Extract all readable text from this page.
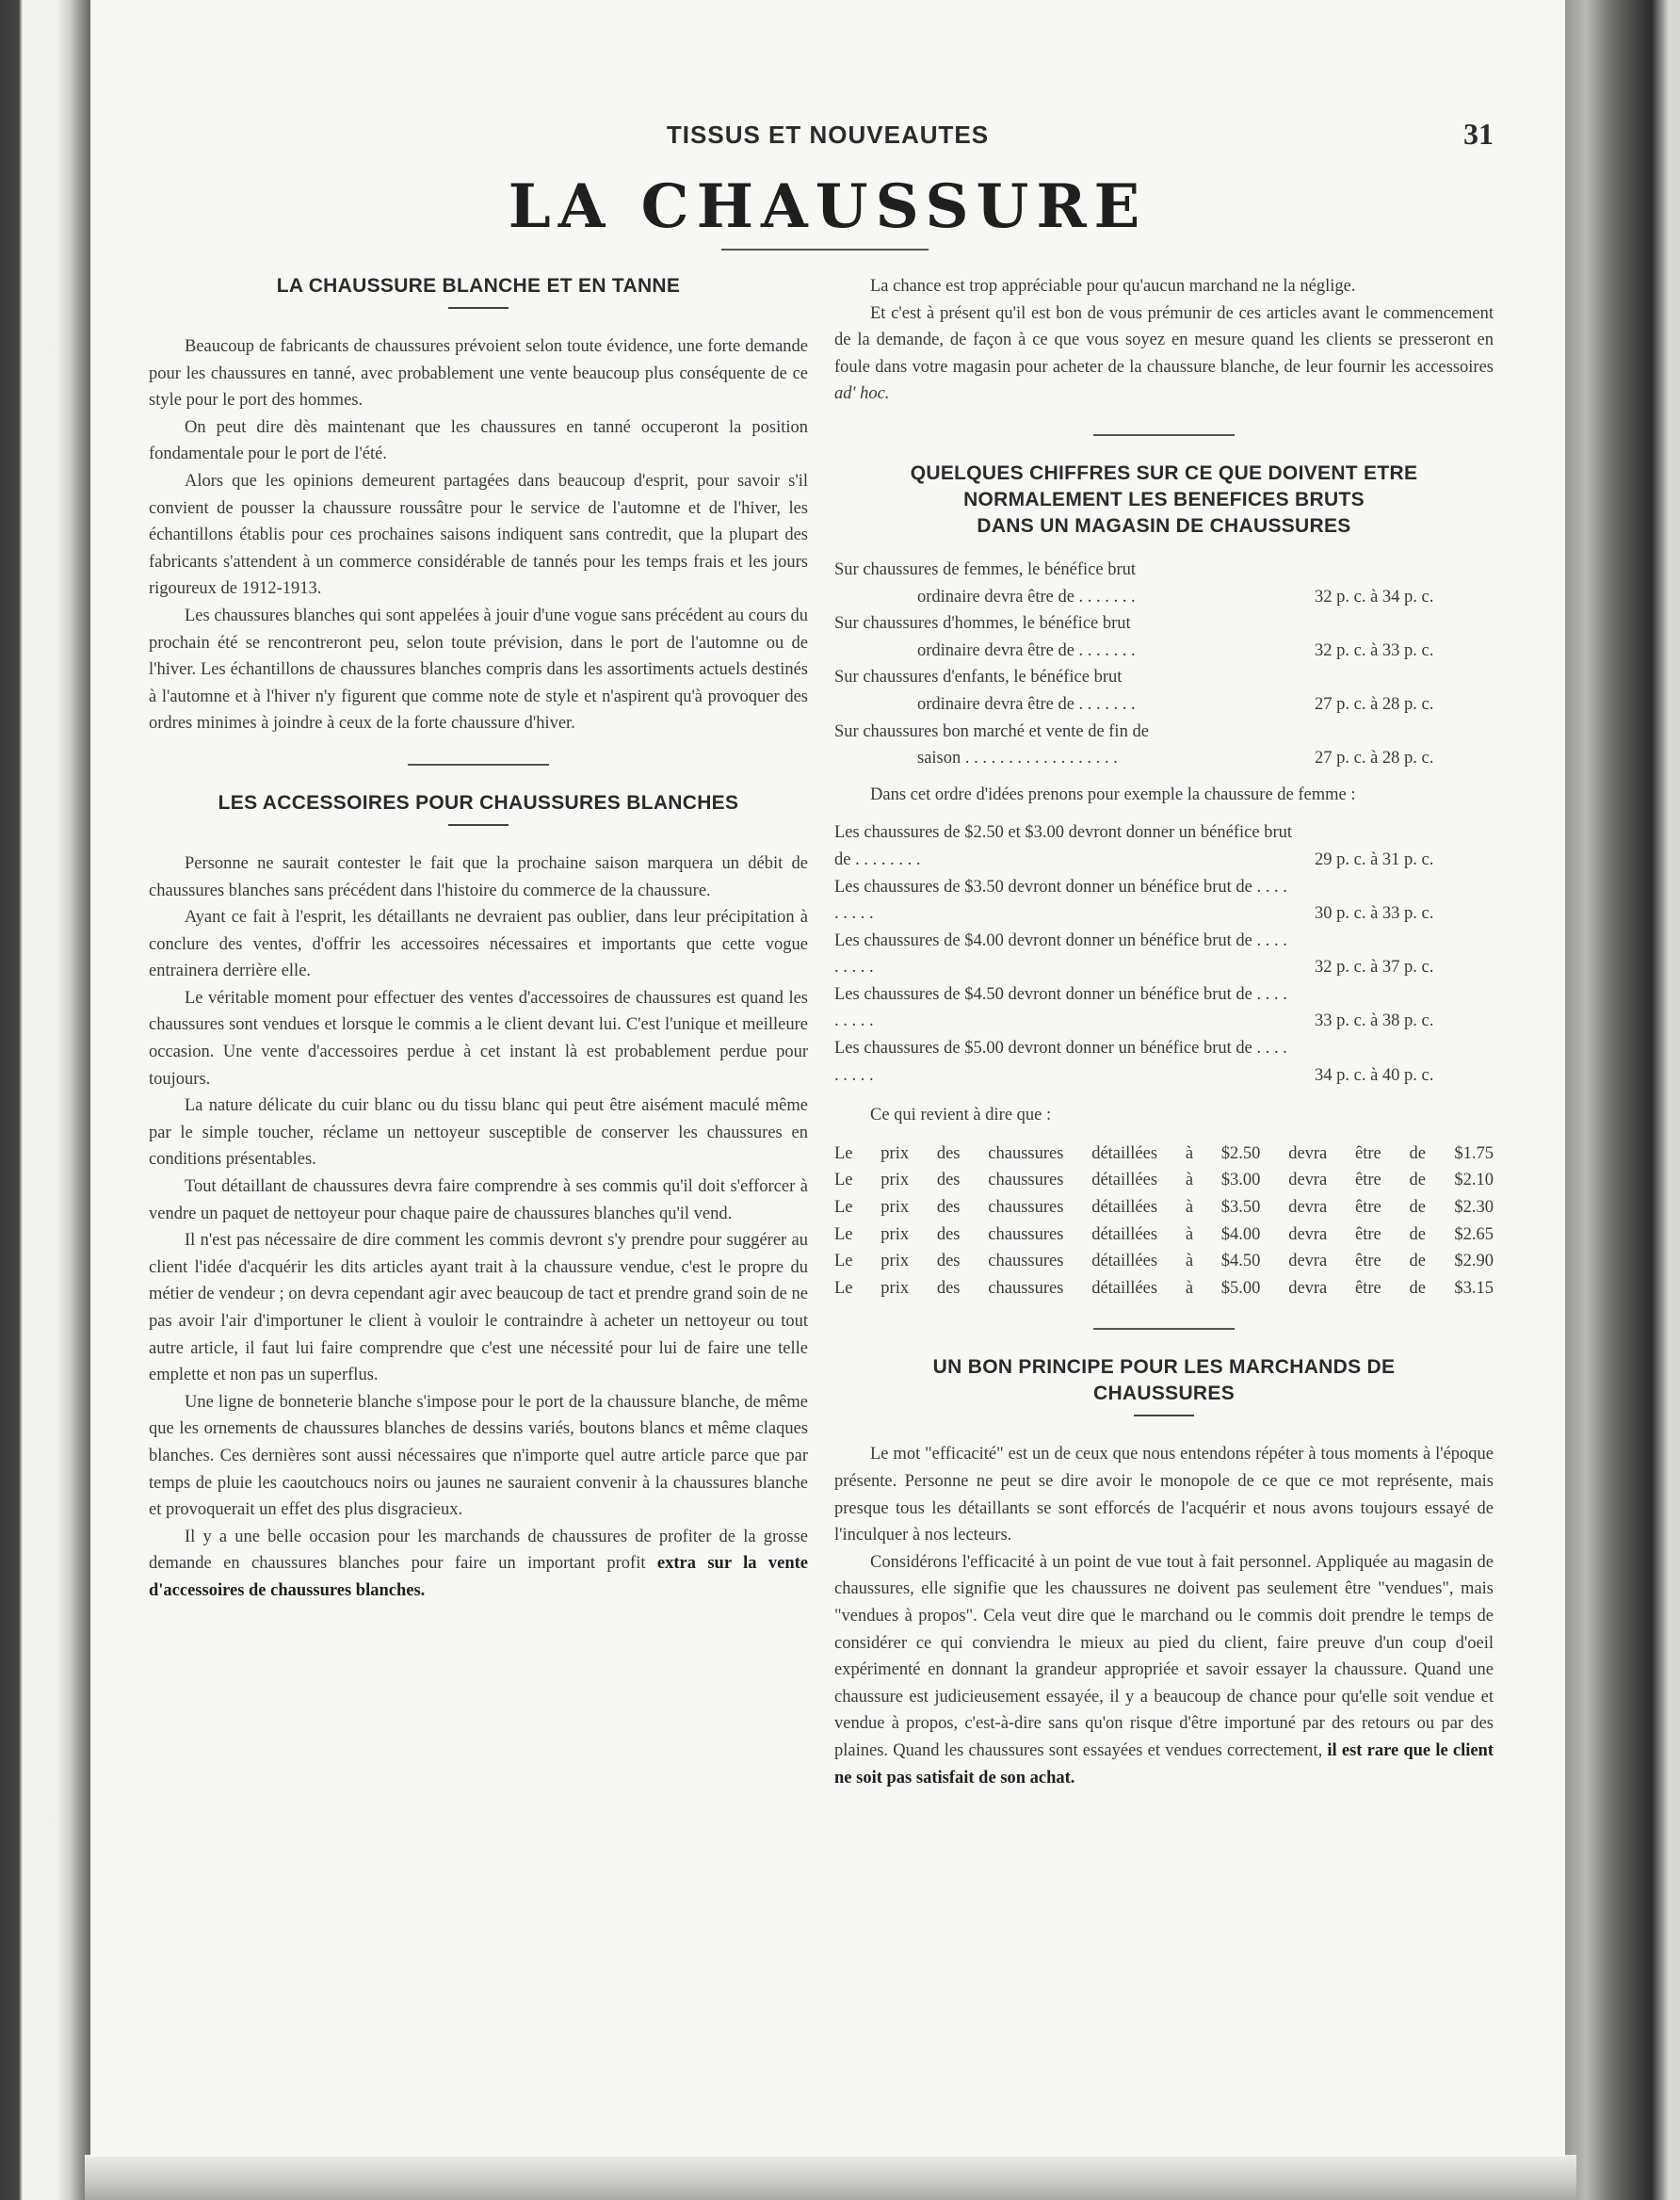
TISSUS ET NOUVEAUTES	31
LA CHAUSSURE
LA CHAUSSURE BLANCHE ET EN TANNE

Beaucoup de fabricants de chaussures prévoient selon toute évidence, une forte demande pour les chaussures en tanné, avec probablement une vente beaucoup plus conséquente de ce style pour le port des hommes.

On peut dire dès maintenant que les chaussures en tanné occuperont la position fondamentale pour le port de l'été.

Alors que les opinions demeurent partagées dans beaucoup d'esprit, pour savoir s'il convient de pousser la chaussure roussâtre pour le service de l'automne et de l'hiver, les échantillons établis pour ces prochaines saisons indiquent sans contredit, que la plupart des fabricants s'attendent à un commerce considérable de tannés pour les temps frais et les jours rigoureux de 1912-1913.

Les chaussures blanches qui sont appelées à jouir d'une vogue sans précédent au cours du prochain été se rencontreront peu, selon toute prévision, dans le port de l'automne ou de l'hiver. Les échantillons de chaussures blanches compris dans les assortiments actuels destinés à l'automne et à l'hiver n'y figurent que comme note de style et n'aspirent qu'à provoquer des ordres minimes à joindre à ceux de la forte chaussure d'hiver.

LES ACCESSOIRES POUR CHAUSSURES BLANCHES

Personne ne saurait contester le fait que la prochaine saison marquera un débit de chaussures blanches sans précédent dans l'histoire du commerce de la chaussure.

Ayant ce fait à l'esprit, les détaillants ne devraient pas oublier, dans leur précipitation à conclure des ventes, d'offrir les accessoires nécessaires et importants que cette vogue entrainera derrière elle.

Le véritable moment pour effectuer des ventes d'accessoires de chaussures est quand les chaussures sont vendues et lorsque le commis a le client devant lui. C'est l'unique et meilleure occasion. Une vente d'accessoires perdue à cet instant là est probablement perdue pour toujours.

La nature délicate du cuir blanc ou du tissu blanc qui peut être aisément maculé même par le simple toucher, réclame un nettoyeur susceptible de conserver les chaussures en conditions présentables.

Tout détaillant de chaussures devra faire comprendre à ses commis qu'il doit s'efforcer à vendre un paquet de nettoyeur pour chaque paire de chaussures blanches qu'il vend.

Il n'est pas nécessaire de dire comment les commis devront s'y prendre pour suggérer au client l'idée d'acquérir les dits articles ayant trait à la chaussure vendue, c'est le propre du métier de vendeur ; on devra cependant agir avec beaucoup de tact et prendre grand soin de ne pas avoir l'air d'importuner le client à vouloir le contraindre à acheter un nettoyeur ou tout autre article, il faut lui faire comprendre que c'est une nécessité pour lui de faire une telle emplette et non pas un superflus.

Une ligne de bonneterie blanche s'impose pour le port de la chaussure blanche, de même que les ornements de chaussures blanches de dessins variés, boutons blancs et même claques blanches. Ces dernières sont aussi nécessaires que n'importe quel autre article parce que par temps de pluie les caoutchoucs noirs ou jaunes ne sauraient convenir à la chaussures blanche et provoquerait un effet des plus disgracieux.

Il y a une belle occasion pour les marchands de chaussures de profiter de la grosse demande en chaussures blanches pour faire un important profit extra sur la vente d'accessoires de chaussures blanches.

La chance est trop appréciable pour qu'aucun marchand ne la néglige.

Et c'est à présent qu'il est bon de vous prémunir de ces articles avant le commencement de la demande, de façon à ce que vous soyez en mesure quand les clients se presseront en foule dans votre magasin pour acheter de la chaussure blanche, de leur fournir les accessoires ad' hoc.

QUELQUES CHIFFRES SUR CE QUE DOIVENT ETRE
NORMALEMENT LES BENEFICES BRUTS
DANS UN MAGASIN DE CHAUSSURES
Sur chaussures de femmes, le bénéfice brut
ordinaire devra être de . . . . . . .	32 p. c. à 34 p. c.
Sur chaussures d'hommes, le bénéfice brut
ordinaire devra être de . . . . . . .	32 p. c. à 33 p. c.
Sur chaussures d'enfants, le bénéfice brut
ordinaire devra être de . . . . . . .	27 p. c. à 28 p. c.
Sur chaussures bon marché et vente de fin de
saison . . . . . . . . . . . . . . . . . .	27 p. c. à 28 p. c.

Dans cet ordre d'idées prenons pour exemple la chaussure de femme :

Les chaussures de $2.50 et $3.00 devront donner un bénéfice brut de . . . . . . . .	29 p. c. à 31 p. c.
Les chaussures de $3.50 devront donner un bénéfice brut de . . . . . . . . .	30 p. c. à 33 p. c.
Les chaussures de $4.00 devront donner un bénéfice brut de . . . . . . . . .	32 p. c. à 37 p. c.
Les chaussures de $4.50 devront donner un bénéfice brut de . . . . . . . . .	33 p. c. à 38 p. c.
Les chaussures de $5.00 devront donner un bénéfice brut de . . . . . . . . .	34 p. c. à 40 p. c.

Ce qui revient à dire que :

Le prix des chaussures détaillées à $2.50 devra être de	$1.75
Le prix des chaussures détaillées à $3.00 devra être de	$2.10
Le prix des chaussures détaillées à $3.50 devra être de	$2.30
Le prix des chaussures détaillées à $4.00 devra être de	$2.65
Le prix des chaussures détaillées à $4.50 devra être de	$2.90
Le prix des chaussures détaillées à $5.00 devra être de	$3.15
UN BON PRINCIPE POUR LES MARCHANDS DE
CHAUSSURES

Le mot "efficacité" est un de ceux que nous entendons répéter à tous moments à l'époque présente. Personne ne peut se dire avoir le monopole de ce que ce mot représente, mais presque tous les détaillants se sont efforcés de l'acquérir et nous avons toujours essayé de l'inculquer à nos lecteurs.

Considérons l'efficacité à un point de vue tout à fait personnel. Appliquée au magasin de chaussures, elle signifie que les chaussures ne doivent pas seulement être "vendues", mais "vendues à propos". Cela veut dire que le marchand ou le commis doit prendre le temps de considérer ce qui conviendra le mieux au pied du client, faire preuve d'un coup d'oeil expérimenté en donnant la grandeur appropriée et savoir essayer la chaussure. Quand une chaussure est judicieusement essayée, il y a beaucoup de chance pour qu'elle soit vendue et vendue à propos, c'est-à-dire sans qu'on risque d'être importuné par des retours ou par des plaines. Quand les chaussures sont essayées et vendues correctement, il est rare que le client ne soit pas satisfait de son achat.
